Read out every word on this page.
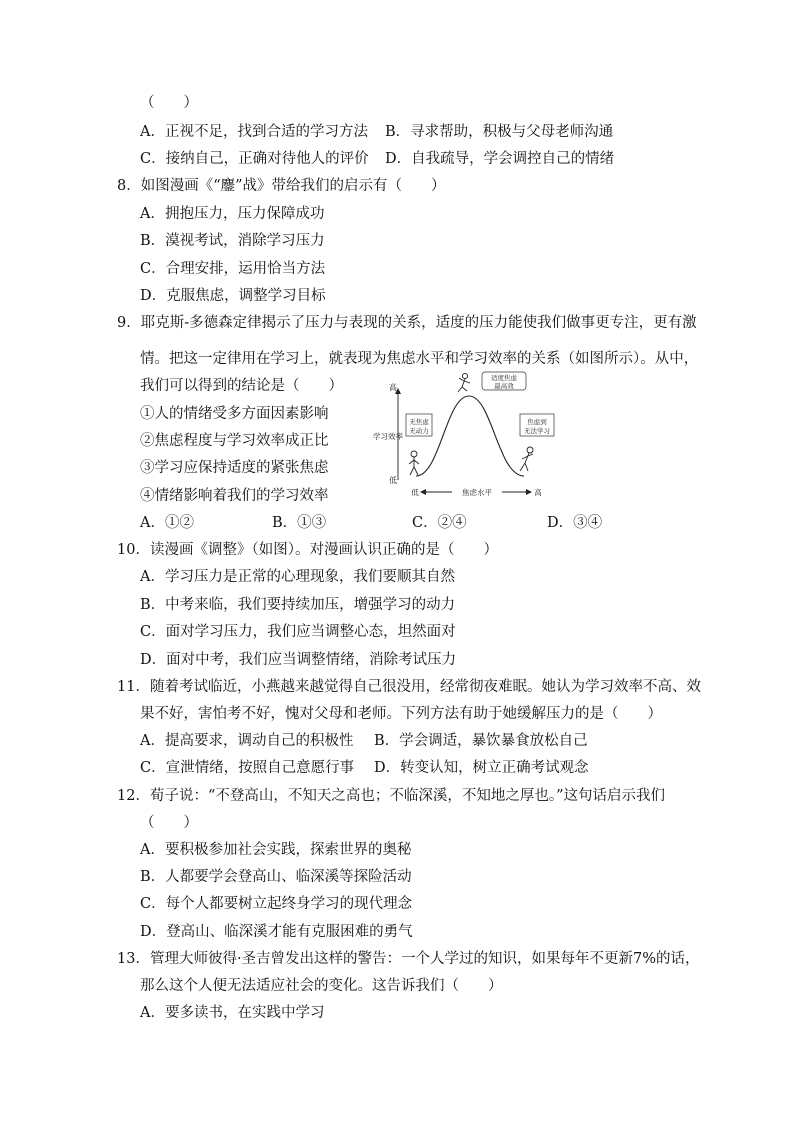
（　　）
A．正视不足，找到合适的学习方法 B．寻求帮助，积极与父母老师沟通
C．接纳自己，正确对待他人的评价 D．自我疏导，学会调控自己的情绪
8．如图漫画《“鏖”战》带给我们的启示有（　　）
A．拥抱压力，压力保障成功
B．漠视考试，消除学习压力
C．合理安排，运用恰当方法
D．克服焦虑，调整学习目标
9．耶克斯-多德森定律揭示了压力与表现的关系，适度的压力能使我们做事更专注，更有激
情。把这一定律用在学习上，就表现为焦虑水平和学习效率的关系（如图所示）。从中，
我们可以得到的结论是（　　）
①人的情绪受多方面因素影响
②焦虑程度与学习效率成正比
③学习应保持适度的紧张焦虑
④情绪影响着我们的学习效率
A．①②	B．①③	C．②④	D．③④
高
低
学习效率
低	高
焦虑水平
无焦虑
无动力
适度焦虑
最高效
焦虑到
无法学习
10．读漫画《调整》（如图）。对漫画认识正确的是（　　）
A．学习压力是正常的心理现象，我们要顺其自然
B．中考来临，我们要持续加压，增强学习的动力
C．面对学习压力，我们应当调整心态，坦然面对
D．面对中考，我们应当调整情绪，消除考试压力
11．随着考试临近，小燕越来越觉得自己很没用，经常彻夜难眠。她认为学习效率不高、效
果不好，害怕考不好，愧对父母和老师。下列方法有助于她缓解压力的是（　　）
A．提高要求，调动自己的积极性 B．学会调适，暴饮暴食放松自己
C．宣泄情绪，按照自己意愿行事 D．转变认知，树立正确考试观念
12．荀子说：“不登高山，不知天之高也；不临深溪，不知地之厚也。”这句话启示我们
（　　）
A．要积极参加社会实践，探索世界的奥秘
B．人都要学会登高山、临深溪等探险活动
C．每个人都要树立起终身学习的现代理念
D．登高山、临深溪才能有克服困难的勇气
13．管理大师彼得·圣吉曾发出这样的警告：一个人学过的知识，如果每年不更新7%的话，
那么这个人便无法适应社会的变化。这告诉我们（　　）
A．要多读书，在实践中学习
